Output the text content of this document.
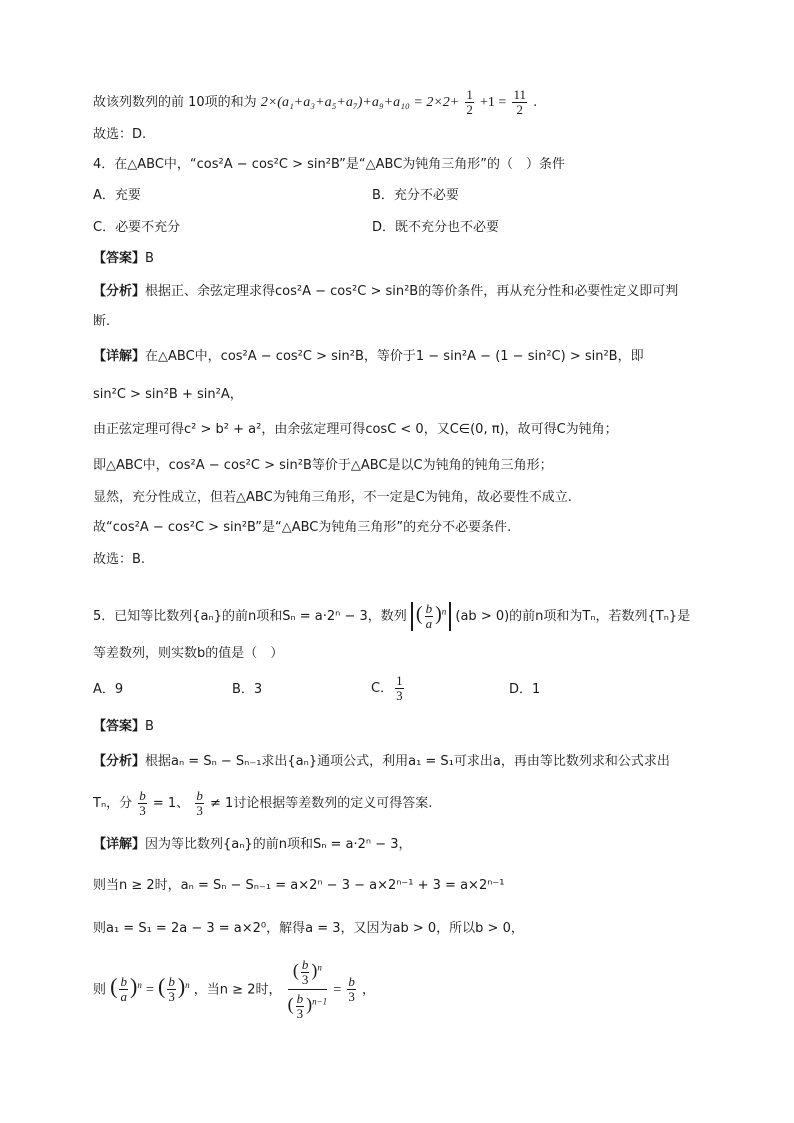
故该列数列的前 10项的和为 $2\times(a_1+a_3+a_5+a_7)+a_9+a_{10} = 2\times 2+ \frac{1}{2} +1 = \frac{11}{2}$ .
故选：D.
4．在△ABC中，“cos²A − cos²C > sin²B”是“△ABC为钝角三角形”的（　）条件
A．充要	B．充分不必要
C．必要不充分	D．既不充分也不必要
【答案】B
【分析】根据正、余弦定理求得cos²A − cos²C > sin²B的等价条件，再从充分性和必要性定义即可判
断.
【详解】在△ABC中，cos²A − cos²C > sin²B，等价于1 − sin²A − (1 − sin²C) > sin²B，即
sin²C > sin²B + sin²A，
由正弦定理可得c² > b² + a²，由余弦定理可得cosC < 0，又C∈(0, π)，故可得C为钝角；
即△ABC中，cos²A − cos²C > sin²B等价于△ABC是以C为钝角的钝角三角形；
显然，充分性成立，但若△ABC为钝角三角形，不一定是C为钝角，故必要性不成立.
故“cos²A − cos²C > sin²B”是“△ABC为钝角三角形”的充分不必要条件.
故选：B.
5．已知等比数列{aₙ}的前n项和Sₙ = a·2ⁿ − 3，数列 ( $\frac{b}{a} )^n$ (ab > 0)的前n项和为Tₙ，若数列{Tₙ}是
等差数列，则实数b的值是（　）
A．9	B．3	C． $\frac{1}{3}$	D．1
【答案】B
【分析】根据aₙ = Sₙ − Sₙ₋₁求出{aₙ}通项公式，利用a₁ = S₁可求出a，再由等比数列求和公式求出
Tₙ，分 $\frac{b}{3} = 1$、 $\frac{b}{3} \ne 1$讨论根据等差数列的定义可得答案.
【详解】因为等比数列{aₙ}的前n项和Sₙ = a·2ⁿ − 3，
则当n ≥ 2时，aₙ = Sₙ − Sₙ₋₁ = a×2ⁿ − 3 − a×2ⁿ⁻¹ + 3 = a×2ⁿ⁻¹
则a₁ = S₁ = 2a − 3 = a×2⁰，解得a = 3，又因为ab > 0，所以b > 0，
则 ( $\frac{b}{a} )^n$ = ( $\frac{b}{3} )^n$ ，当n ≥ 2时， $\frac{( \frac{b}{3} )^n}{( \frac{b}{3} )^{n-1}} = \frac{b}{3}$ ，
